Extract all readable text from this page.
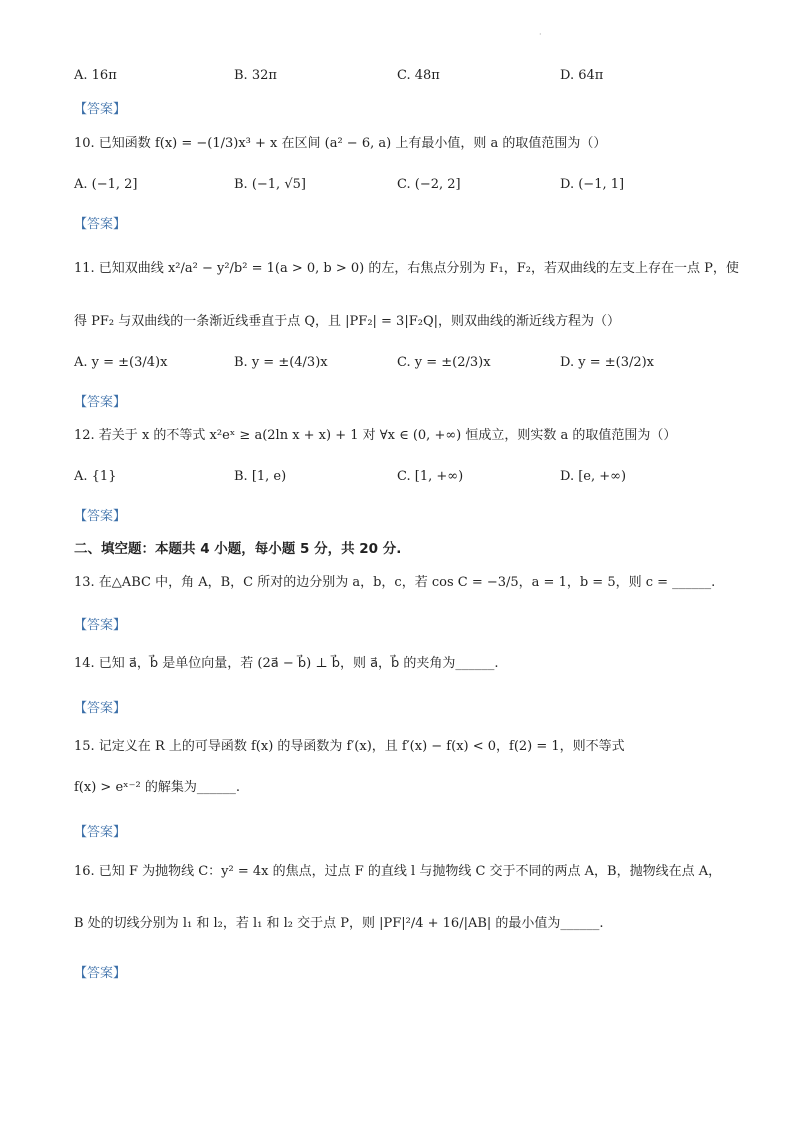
·
A. 16π	B. 32π	C. 48π	D. 64π
【答案】
10. 已知函数 f(x) = −(1/3)x³ + x 在区间 (a² − 6, a) 上有最小值，则 a 的取值范围为（）
A. (−1, 2]	B. (−1, √5]	C. (−2, 2]	D. (−1, 1]
【答案】
11. 已知双曲线 x²/a² − y²/b² = 1(a > 0, b > 0) 的左，右焦点分别为 F₁，F₂，若双曲线的左支上存在一点 P，使
得 PF₂ 与双曲线的一条渐近线垂直于点 Q，且 |PF₂| = 3|F₂Q|，则双曲线的渐近线方程为（）
A. y = ±(3/4)x	B. y = ±(4/3)x	C. y = ±(2/3)x	D. y = ±(3/2)x
【答案】
12. 若关于 x 的不等式 x²eˣ ≥ a(2ln x + x) + 1 对 ∀x ∈ (0, +∞) 恒成立，则实数 a 的取值范围为（）
A. {1}	B. [1, e)	C. [1, +∞)	D. [e, +∞)
【答案】
二、填空题：本题共 4 小题，每小题 5 分，共 20 分.
13. 在△ABC 中，角 A，B，C 所对的边分别为 a，b，c，若 cos C = −3/5，a = 1，b = 5，则 c = ______.
【答案】
14. 已知 a⃗，b⃗ 是单位向量，若 (2a⃗ − b⃗) ⊥ b⃗，则 a⃗，b⃗ 的夹角为______.
【答案】
15. 记定义在 R 上的可导函数 f(x) 的导函数为 f′(x)，且 f′(x) − f(x) < 0，f(2) = 1，则不等式
f(x) > eˣ⁻² 的解集为______.
【答案】
16. 已知 F 为抛物线 C：y² = 4x 的焦点，过点 F 的直线 l 与抛物线 C 交于不同的两点 A，B，抛物线在点 A，
B 处的切线分别为 l₁ 和 l₂，若 l₁ 和 l₂ 交于点 P，则 |PF|²/4 + 16/|AB| 的最小值为______.
【答案】
